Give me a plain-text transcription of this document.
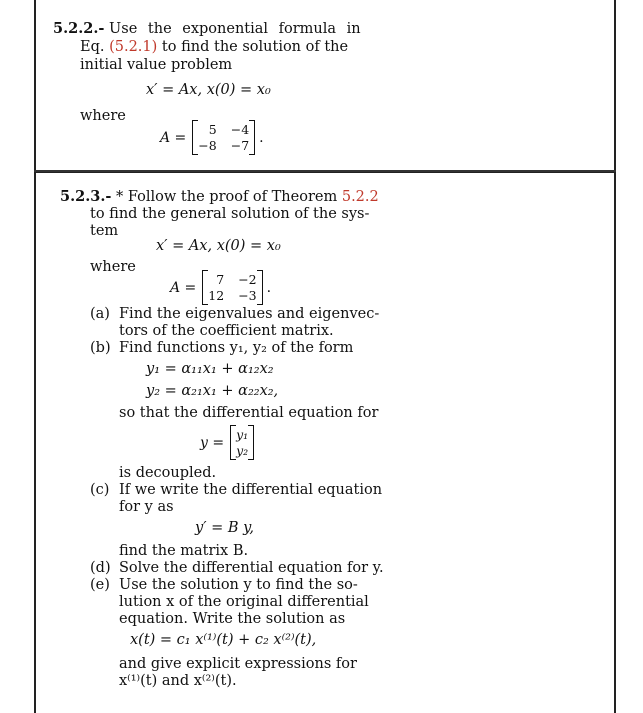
5.2.2.- Use the exponential formula in
Eq. (5.2.1) to find the solution of the
initial value problem
x′ = Ax, x(0) = x₀
where
A =	5 −4
−8 −7 .
5.2.3.- * Follow the proof of Theorem 5.2.2
to find the general solution of the sys-
tem
x′ = Ax, x(0) = x₀
where
A =	7 −2
12 −3 .
(a) Find the eigenvalues and eigenvec-
tors of the coefficient matrix.
(b) Find functions y₁, y₂ of the form
y₁ = α₁₁x₁ + α₁₂x₂
y₂ = α₂₁x₁ + α₂₂x₂,
so that the differential equation for
y = y₁
y₂
is decoupled.
(c) If we write the differential equation
for y as
y′ = B y,
find the matrix B.
(d) Solve the differential equation for y.
(e) Use the solution y to find the so-
lution x of the original differential
equation. Write the solution as
x(t) = c₁ x⁽¹⁾(t) + c₂ x⁽²⁾(t),
and give explicit expressions for
x⁽¹⁾(t) and x⁽²⁾(t).
